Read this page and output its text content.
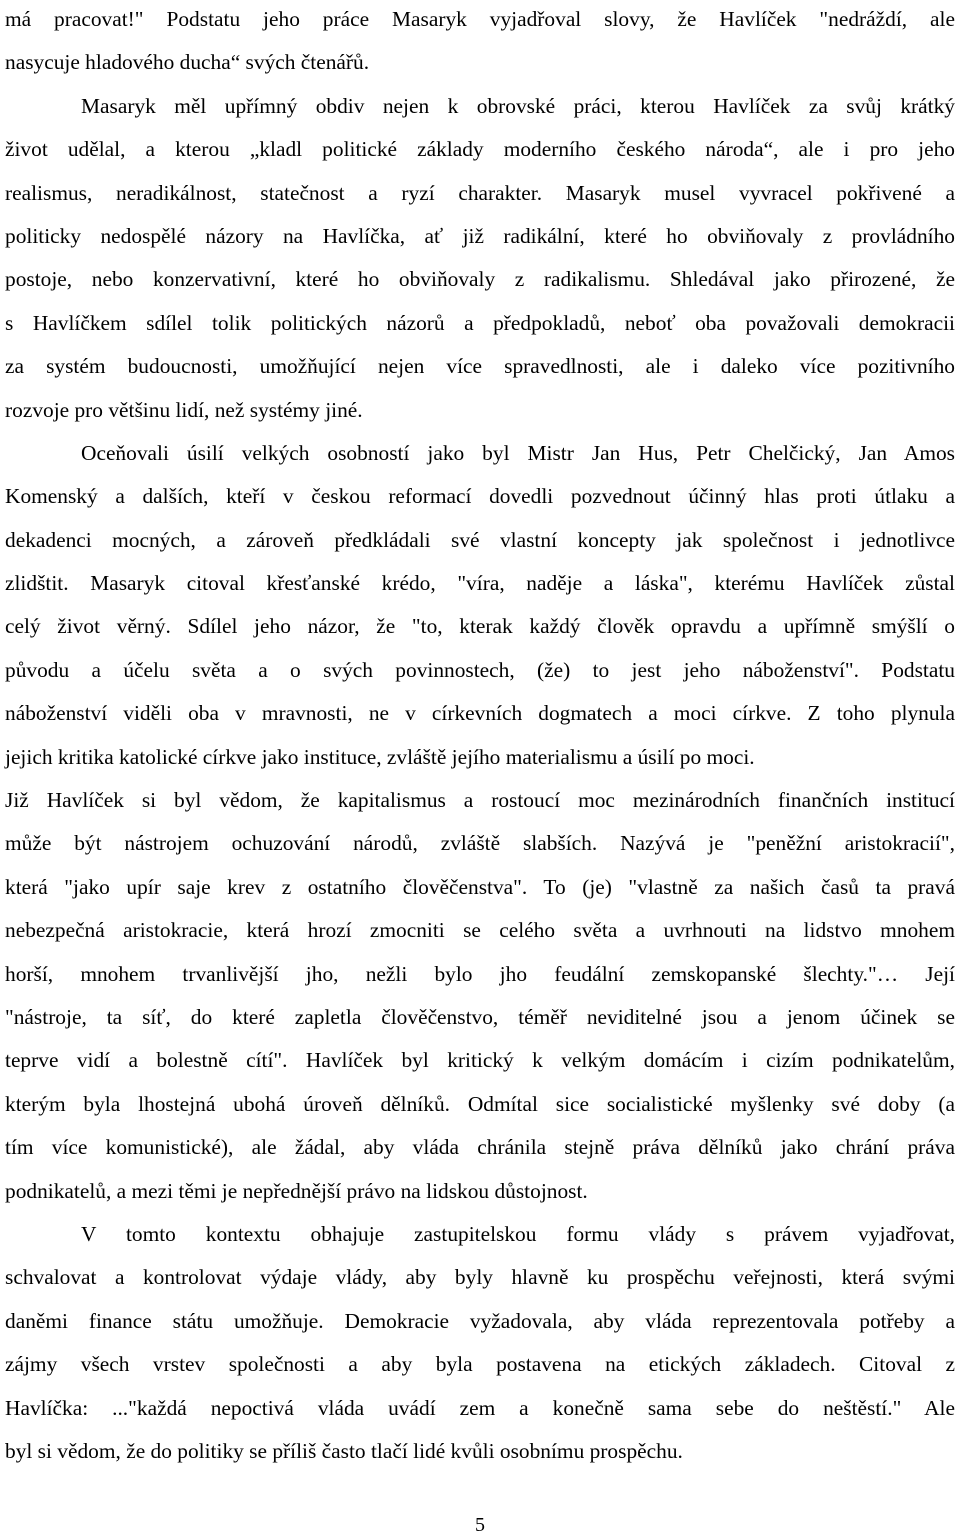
má pracovat!" Podstatu jeho práce Masaryk vyjadřoval slovy, že Havlíček "nedráždí, ale
nasycuje hladového ducha“ svých čtenářů.
Masaryk měl upřímný obdiv nejen k obrovské práci, kterou Havlíček za svůj krátký
život udělal, a kterou „kladl politické základy moderního českého národa“, ale i pro jeho
realismus, neradikálnost, statečnost a ryzí charakter. Masaryk musel vyvracel pokřivené a
politicky nedospělé názory na Havlíčka, ať již radikální, které ho obviňovaly z provládního
postoje, nebo konzervativní, které ho obviňovaly z radikalismu. Shledával jako přirozené, že
s Havlíčkem sdílel tolik politických názorů a předpokladů, neboť oba považovali demokracii
za systém budoucnosti, umožňující nejen více spravedlnosti, ale i daleko více pozitivního
rozvoje pro většinu lidí, než systémy jiné.
Oceňovali úsilí velkých osobností jako byl Mistr Jan Hus, Petr Chelčický, Jan Amos
Komenský a dalších, kteří v českou reformací dovedli pozvednout účinný hlas proti útlaku a
dekadenci mocných, a zároveň předkládali své vlastní koncepty jak společnost i jednotlivce
zlidštit. Masaryk citoval křesťanské krédo, "víra, naděje a láska", kterému Havlíček zůstal
celý život věrný. Sdílel jeho názor, že "to, kterak každý člověk opravdu a upřímně smýšlí o
původu a účelu světa a o svých povinnostech, (že) to jest jeho náboženství". Podstatu
náboženství viděli oba v mravnosti, ne v církevních dogmatech a moci církve. Z toho plynula
jejich kritika katolické církve jako instituce, zvláště jejího materialismu a úsilí po moci.
Již Havlíček si byl vědom, že kapitalismus a rostoucí moc mezinárodních finančních institucí
může být nástrojem ochuzování národů, zvláště slabších. Nazývá je "peněžní aristokracií",
která "jako upír saje krev z ostatního člověčenstva". To (je) "vlastně za našich časů ta pravá
nebezpečná aristokracie, která hrozí zmocniti se celého světa a uvrhnouti na lidstvo mnohem
horší, mnohem trvanlivější jho, nežli bylo jho feudální zemskopanské šlechty."… Její
"nástroje, ta síť, do které zapletla člověčenstvo, téměř neviditelné jsou a jenom účinek se
teprve vidí a bolestně cítí". Havlíček byl kritický k velkým domácím i cizím podnikatelům,
kterým byla lhostejná ubohá úroveň dělníků. Odmítal sice socialistické myšlenky své doby (a
tím více komunistické), ale žádal, aby vláda chránila stejně práva dělníků jako chrání práva
podnikatelů, a mezi těmi je nepřednější právo na lidskou důstojnost.
V tomto kontextu obhajuje zastupitelskou formu vlády s právem vyjadřovat,
schvalovat a kontrolovat výdaje vlády, aby byly hlavně ku prospěchu veřejnosti, která svými
daněmi finance státu umožňuje. Demokracie vyžadovala, aby vláda reprezentovala potřeby a
zájmy všech vrstev společnosti a aby byla postavena na etických základech. Citoval z
Havlíčka: ..."každá nepoctivá vláda uvádí zem a konečně sama sebe do neštěstí." Ale
byl si vědom, že do politiky se příliš často tlačí lidé kvůli osobnímu prospěchu.
5
